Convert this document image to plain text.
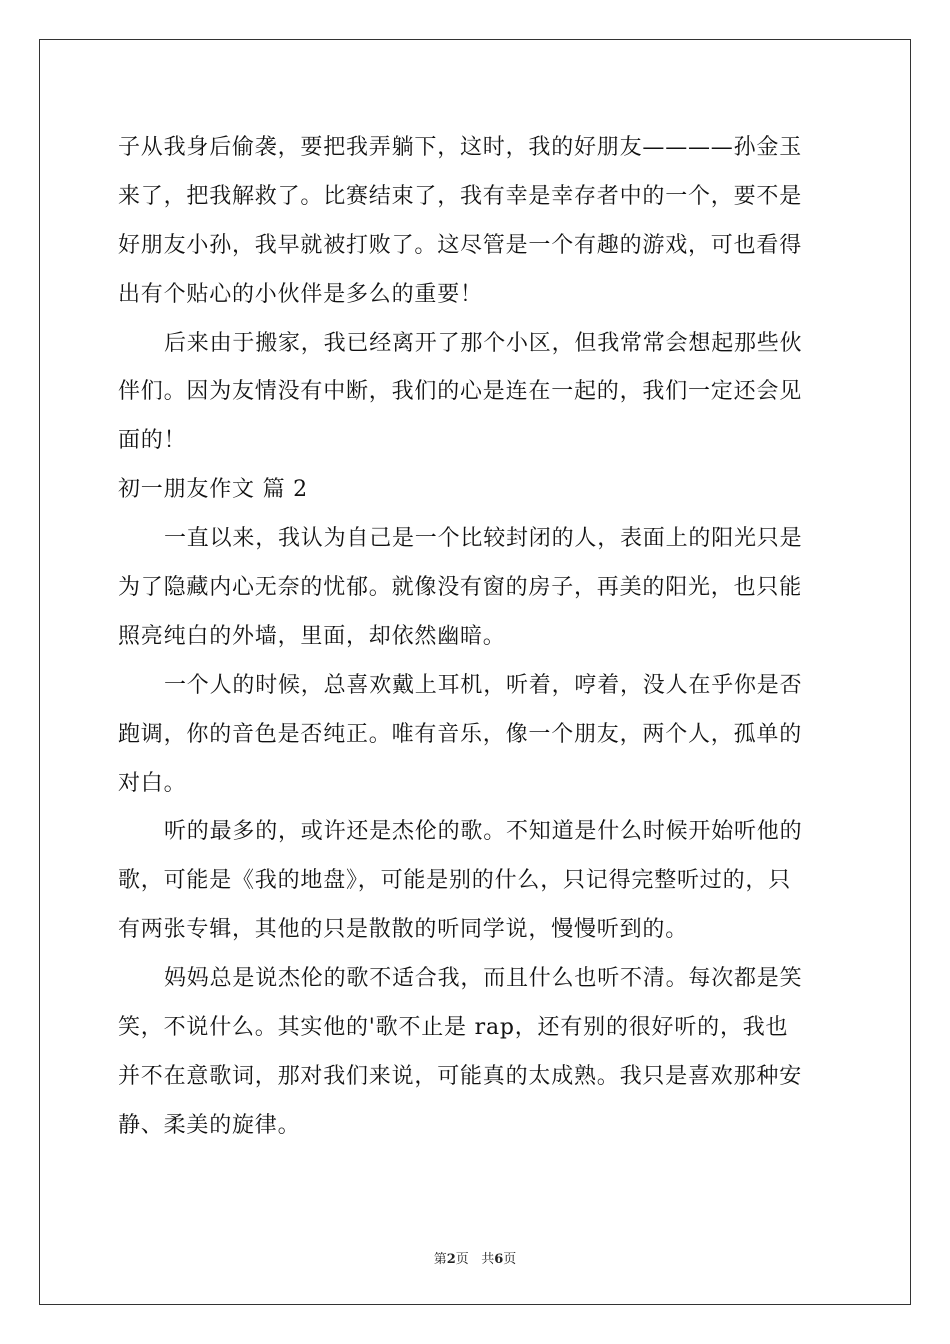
子从我身后偷袭，要把我弄躺下，这时，我的好朋友————孙金玉
来了，把我解救了。比赛结束了，我有幸是幸存者中的一个，要不是
好朋友小孙，我早就被打败了。这尽管是一个有趣的游戏，可也看得
出有个贴心的小伙伴是多么的重要！
后来由于搬家，我已经离开了那个小区，但我常常会想起那些伙
伴们。因为友情没有中断，我们的心是连在一起的，我们一定还会见
面的！
初一朋友作文 篇 2
一直以来，我认为自己是一个比较封闭的人，表面上的阳光只是
为了隐藏内心无奈的忧郁。就像没有窗的房子，再美的阳光，也只能
照亮纯白的外墙，里面，却依然幽暗。
一个人的时候，总喜欢戴上耳机，听着，哼着，没人在乎你是否
跑调，你的音色是否纯正。唯有音乐，像一个朋友，两个人，孤单的
对白。
听的最多的，或许还是杰伦的歌。不知道是什么时候开始听他的
歌，可能是《我的地盘》，可能是别的什么，只记得完整听过的，只
有两张专辑，其他的只是散散的听同学说，慢慢听到的。
妈妈总是说杰伦的歌不适合我，而且什么也听不清。每次都是笑
笑，不说什么。其实他的'歌不止是 rap，还有别的很好听的，我也
并不在意歌词，那对我们来说，可能真的太成熟。我只是喜欢那种安
静、柔美的旋律。
第2页 共6页
